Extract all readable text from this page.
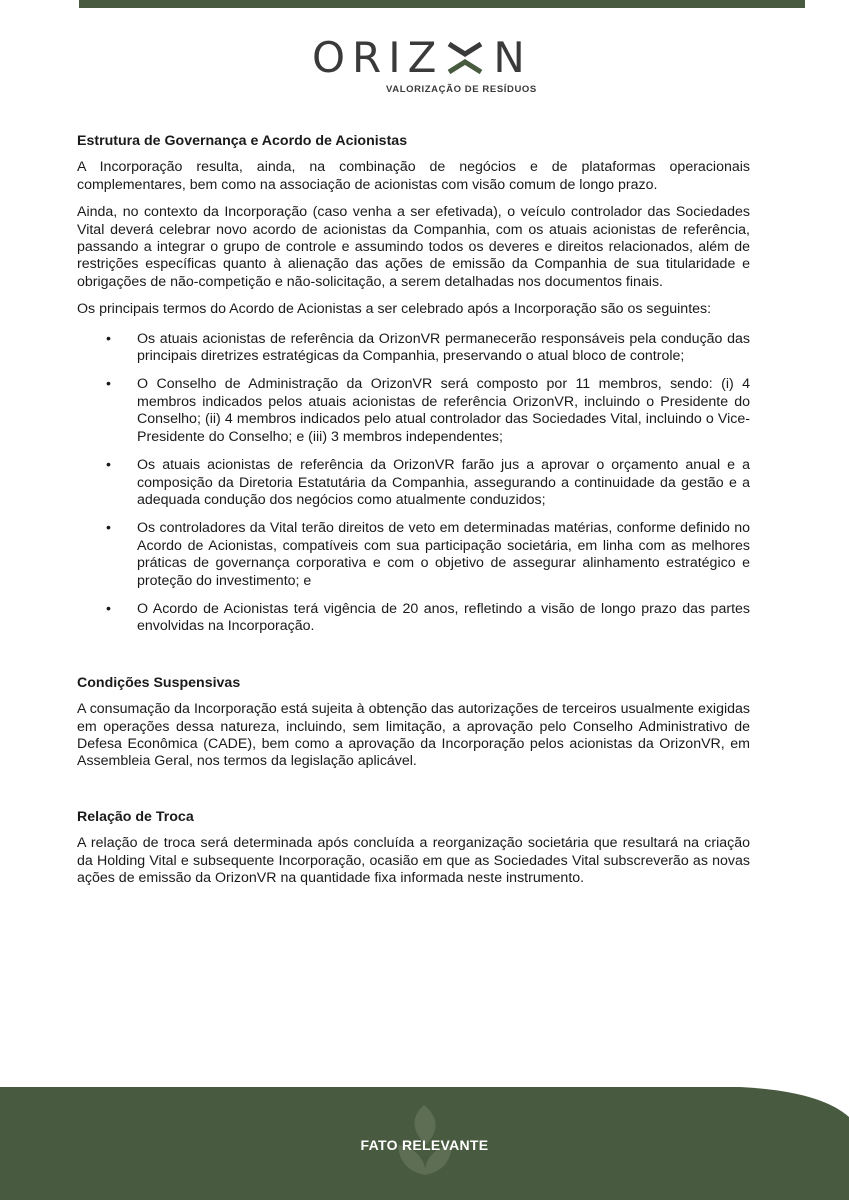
ORIZ N
VALORIZAÇÃO DE RESÍDUOS
Estrutura de Governança e Acordo de Acionistas

A Incorporação resulta, ainda, na combinação de negócios e de plataformas operacionais complementares, bem como na associação de acionistas com visão comum de longo prazo.

Ainda, no contexto da Incorporação (caso venha a ser efetivada), o veículo controlador das Sociedades Vital deverá celebrar novo acordo de acionistas da Companhia, com os atuais acionistas de referência, passando a integrar o grupo de controle e assumindo todos os deveres e direitos relacionados, além de restrições específicas quanto à alienação das ações de emissão da Companhia de sua titularidade e obrigações de não-competição e não-solicitação, a serem detalhadas nos documentos finais.

Os principais termos do Acordo de Acionistas a ser celebrado após a Incorporação são os seguintes:

• Os atuais acionistas de referência da OrizonVR permanecerão responsáveis pela condução das principais diretrizes estratégicas da Companhia, preservando o atual bloco de controle;
• O Conselho de Administração da OrizonVR será composto por 11 membros, sendo: (i) 4 membros indicados pelos atuais acionistas de referência OrizonVR, incluindo o Presidente do Conselho; (ii) 4 membros indicados pelo atual controlador das Sociedades Vital, incluindo o Vice-Presidente do Conselho; e (iii) 3 membros independentes;
• Os atuais acionistas de referência da OrizonVR farão jus a aprovar o orçamento anual e a composição da Diretoria Estatutária da Companhia, assegurando a continuidade da gestão e a adequada condução dos negócios como atualmente conduzidos;
• Os controladores da Vital terão direitos de veto em determinadas matérias, conforme definido no Acordo de Acionistas, compatíveis com sua participação societária, em linha com as melhores práticas de governança corporativa e com o objetivo de assegurar alinhamento estratégico e proteção do investimento; e
• O Acordo de Acionistas terá vigência de 20 anos, refletindo a visão de longo prazo das partes envolvidas na Incorporação.
Condições Suspensivas

A consumação da Incorporação está sujeita à obtenção das autorizações de terceiros usualmente exigidas em operações dessa natureza, incluindo, sem limitação, a aprovação pelo Conselho Administrativo de Defesa Econômica (CADE), bem como a aprovação da Incorporação pelos acionistas da OrizonVR, em Assembleia Geral, nos termos da legislação aplicável.

Relação de Troca

A relação de troca será determinada após concluída a reorganização societária que resultará na criação da Holding Vital e subsequente Incorporação, ocasião em que as Sociedades Vital subscreverão as novas ações de emissão da OrizonVR na quantidade fixa informada neste instrumento.

FATO RELEVANTE
